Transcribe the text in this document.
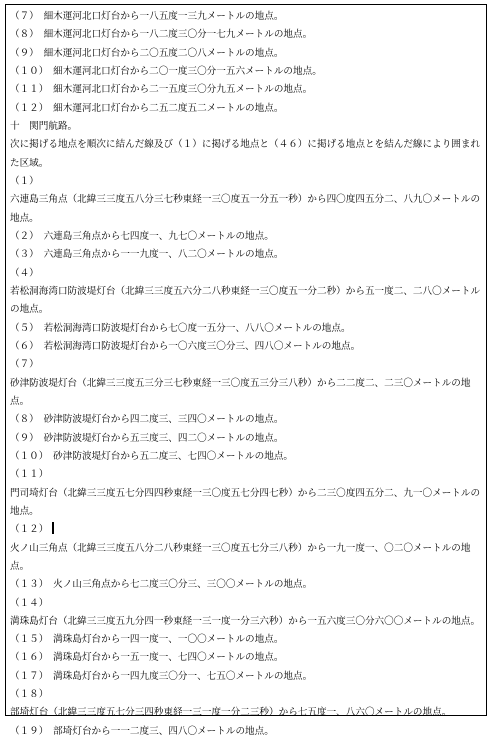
（７）　細木運河北口灯台から一八五度一三九メートルの地点。
（８）　細木運河北口灯台から一八二度三〇分一七九メートルの地点。
（９）　細木運河北口灯台から二〇五度二〇八メートルの地点。
（１０）　細木運河北口灯台から二〇一度三〇分一五六メートルの地点。
（１１）　細木運河北口灯台から二一五度三〇分九五メートルの地点。
（１２）　細木運河北口灯台から二五二度五二メートルの地点。
十　関門航路。
次に掲げる地点を順次に結んだ線及び（１）に掲げる地点と（４６）に掲げる地点とを結んだ線により囲まれた区域。
（１）
六連島三角点（北緯三三度五八分三七秒東経一三〇度五一分五一秒）から四〇度四五分二、八九〇メートルの地点。
（２）　六連島三角点から七四度一、九七〇メートルの地点。
（３）　六連島三角点から一一九度一、八二〇メートルの地点。
（４）
若松洞海湾口防波堤灯台（北緯三三度五六分二八秒東経一三〇度五一分二秒）から五一度二、二八〇メートルの地点。
（５）　若松洞海湾口防波堤灯台から七〇度一五分一、八八〇メートルの地点。
（６）　若松洞海湾口防波堤灯台から一〇六度三〇分三、四八〇メートルの地点。
（７）
砂津防波堤灯台（北緯三三度五三分三七秒東経一三〇度五三分三八秒）から二二度二、二三〇メートルの地点。
（８）　砂津防波堤灯台から四二度三、三四〇メートルの地点。
（９）　砂津防波堤灯台から五三度三、四二〇メートルの地点。
（１０）　砂津防波堤灯台から五二度三、七四〇メートルの地点。
（１１）
門司埼灯台（北緯三三度五七分四四秒東経一三〇度五七分四七秒）から二三〇度四五分二、九一〇メートルの地点。
（１２）
火ノ山三角点（北緯三三度五八分二八秒東経一三〇度五七分三八秒）から一九一度一、〇二〇メートルの地点。
（１３）　火ノ山三角点から七二度三〇分三、三〇〇メートルの地点。
（１４）
満珠島灯台（北緯三三度五九分四一秒東経一三一度一分三六秒）から一五六度三〇分六〇〇メートルの地点。
（１５）　満珠島灯台から一四一度一、一〇〇メートルの地点。
（１６）　満珠島灯台から一五一度一、七四〇メートルの地点。
（１７）　満珠島灯台から一四九度三〇分一、七五〇メートルの地点。
（１８）
部埼灯台（北緯三三度五七分三四秒東経一三一度一分二三秒）から七五度一、八六〇メートルの地点。
（１９）　部埼灯台から一一二度三、四八〇メートルの地点。
